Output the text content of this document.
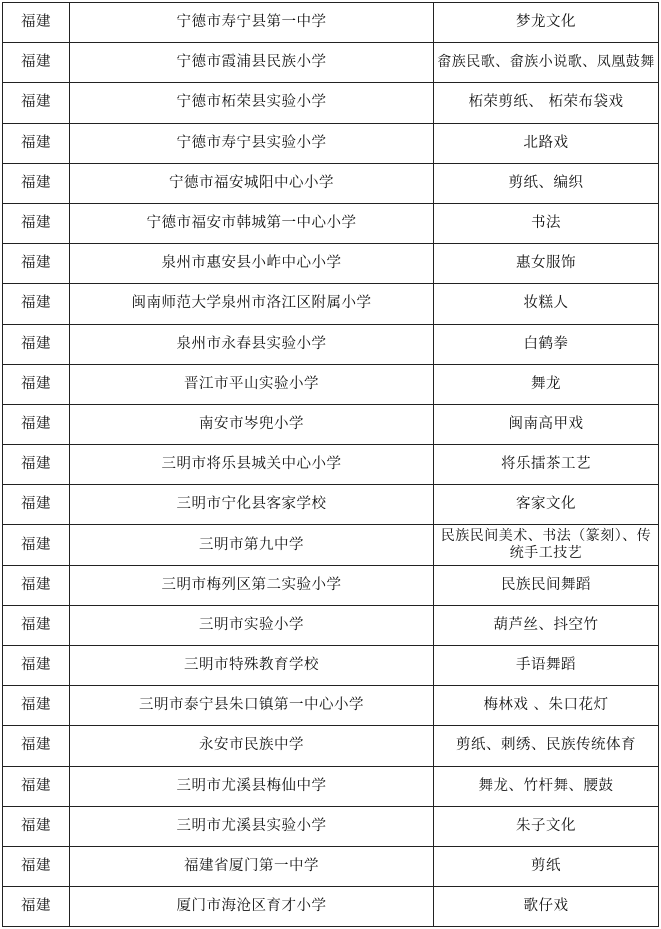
福建	宁德市寿宁县第一中学	梦龙文化
福建	宁德市霞浦县民族小学	畲族民歌、畲族小说歌、凤凰鼓舞
福建	宁德市柘荣县实验小学	柘荣剪纸、 柘荣布袋戏
福建	宁德市寿宁县实验小学	北路戏
福建	宁德市福安城阳中心小学	剪纸、编织
福建	宁德市福安市韩城第一中心小学	书法
福建	泉州市惠安县小岞中心小学	惠女服饰
福建	闽南师范大学泉州市洛江区附属小学	妆糕人
福建	泉州市永春县实验小学	白鹤拳
福建	晋江市平山实验小学	舞龙
福建	南安市岑兜小学	闽南高甲戏
福建	三明市将乐县城关中心小学	将乐擂茶工艺
福建	三明市宁化县客家学校	客家文化
福建	三明市第九中学	民族民间美术、书法（篆刻）、传统手工技艺
福建	三明市梅列区第二实验小学	民族民间舞蹈
福建	三明市实验小学	葫芦丝、抖空竹
福建	三明市特殊教育学校	手语舞蹈
福建	三明市泰宁县朱口镇第一中心小学	梅林戏 、朱口花灯
福建	永安市民族中学	剪纸、刺绣、民族传统体育
福建	三明市尤溪县梅仙中学	舞龙、竹杆舞、腰鼓
福建	三明市尤溪县实验小学	朱子文化
福建	福建省厦门第一中学	剪纸
福建	厦门市海沧区育才小学	歌仔戏
